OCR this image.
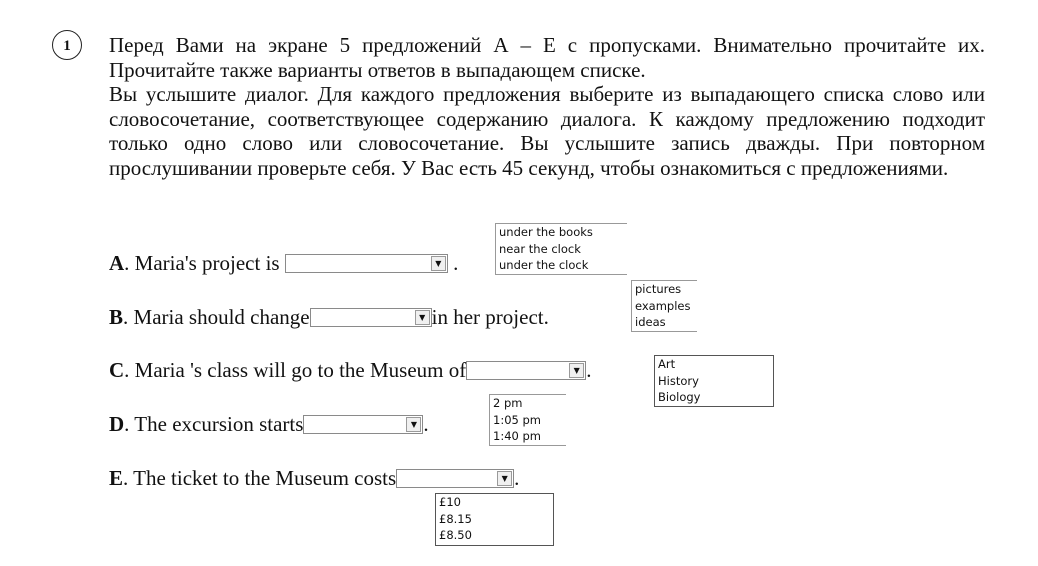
1	Перед Вами на экране 5 предложений А – Е с пропусками. Внимательно прочитайте их. Прочитайте также варианты ответов в выпадающем списке.

Вы услышите диалог. Для каждого предложения выберите из выпадающего списка слово или словосочетание, соответствующее содержанию диалога. К каждому предложению подходит только одно слово или словосочетание. Вы услышите запись дважды. При повторном прослушивании проверьте себя. У Вас есть 45 секунд, чтобы ознакомиться с предложениями.

A. Maria's project is	▼ .
under the books
near the clock
under the clock
B. Maria should change	▼ in her project.
pictures
examples
ideas
C. Maria 's class will go to the Museum of	▼ .	Art
History
Biology
D. The excursion starts	▼ .
2 pm
1:05 pm
1:40 pm
E. The ticket to the Museum costs	▼ .
£10
£8.15
£8.50
